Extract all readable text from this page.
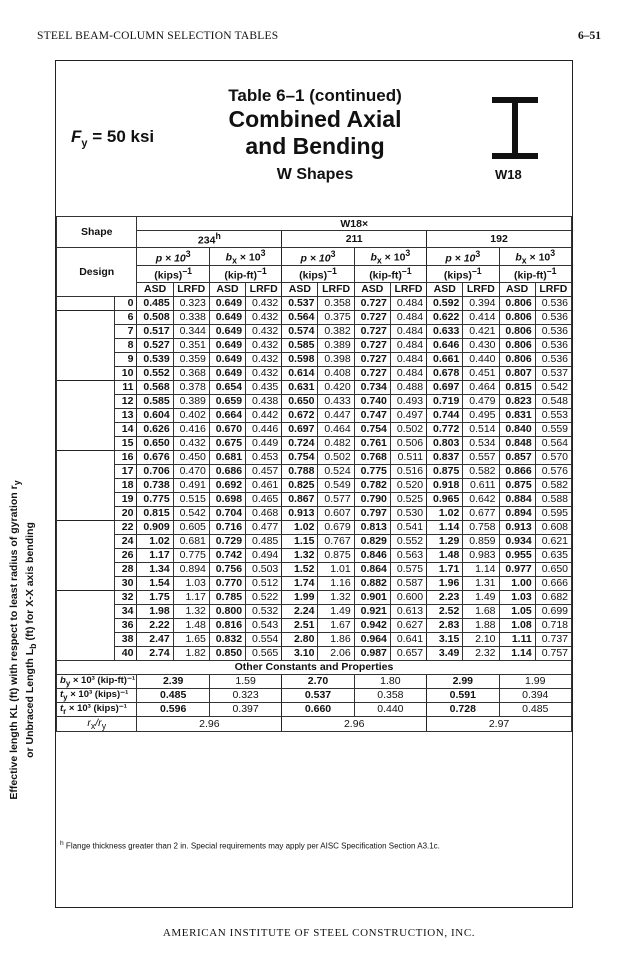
STEEL BEAM-COLUMN SELECTION TABLES	6–51
$F_y = 50$ ksi
Table 6–1 (continued)
Combined Axial
and Bending
W Shapes	W18
Shape		W18×											
		234$^h$				211				192			
Design		$p \times 10^3$		$b_x \times 10^3$		$p \times 10^3$		$b_x \times 10^3$		$p \times 10^3$		$b_x \times 10^3$
		(kips)$^{-1}$		$(kip-ft)^{-1}$		(kips)$^{-1}$		$(kip-ft)^{-1}$		(kips)$^{-1}$		$(kip-ft)^{-1}$
		ASD	LRFD	ASD	LRFD	ASD	LRFD	ASD	LRFD	ASD	LRFD	ASD	LRFD
	0	0.485	0.323	0.649	0.432	0.537	0.358	0.727	0.484	0.592	0.394	0.806	0.536
	6	0.508	0.338	0.649	0.432	0.564	0.375	0.727	0.484	0.622	0.414	0.806	0.536
	7	0.517	0.344	0.649	0.432	0.574	0.382	0.727	0.484	0.633	0.421	0.806	0.536
	8	0.527	0.351	0.649	0.432	0.585	0.389	0.727	0.484	0.646	0.430	0.806	0.536
	9	0.539	0.359	0.649	0.432	0.598	0.398	0.727	0.484	0.661	0.440	0.806	0.536
	10	0.552	0.368	0.649	0.432	0.614	0.408	0.727	0.484	0.678	0.451	0.807	0.537
	11	0.568	0.378	0.654	0.435	0.631	0.420	0.734	0.488	0.697	0.464	0.815	0.542
	12	0.585	0.389	0.659	0.438	0.650	0.433	0.740	0.493	0.719	0.479	0.823	0.548
	13	0.604	0.402	0.664	0.442	0.672	0.447	0.747	0.497	0.744	0.495	0.831	0.553
	14	0.626	0.416	0.670	0.446	0.697	0.464	0.754	0.502	0.772	0.514	0.840	0.559
	15	0.650	0.432	0.675	0.449	0.724	0.482	0.761	0.506	0.803	0.534	0.848	0.564
	16	0.676	0.450	0.681	0.453	0.754	0.502	0.768	0.511	0.837	0.557	0.857	0.570
	17	0.706	0.470	0.686	0.457	0.788	0.524	0.775	0.516	0.875	0.582	0.866	0.576
	18	0.738	0.491	0.692	0.461	0.825	0.549	0.782	0.520	0.918	0.611	0.875	0.582
	19	0.775	0.515	0.698	0.465	0.867	0.577	0.790	0.525	0.965	0.642	0.884	0.588
	20	0.815	0.542	0.704	0.468	0.913	0.607	0.797	0.530	1.02	0.677	0.894	0.595
	22	0.909	0.605	0.716	0.477	1.02	0.679	0.813	0.541	1.14	0.758	0.913	0.608
	24	1.02	0.681	0.729	0.485	1.15	0.767	0.829	0.552	1.29	0.859	0.934	0.621
	26	1.17	0.775	0.742	0.494	1.32	0.875	0.846	0.563	1.48	0.983	0.955	0.635
	28	1.34	0.894	0.756	0.503	1.52	1.01	0.864	0.575	1.71	1.14	0.977	0.650
	30	1.54	1.03	0.770	0.512	1.74	1.16	0.882	0.587	1.96	1.31	1.00	0.666
	32	1.75	1.17	0.785	0.522	1.99	1.32	0.901	0.600	2.23	1.49	1.03	0.682
	34	1.98	1.32	0.800	0.532	2.24	1.49	0.921	0.613	2.52	1.68	1.05	0.699
	36	2.22	1.48	0.816	0.543	2.51	1.67	0.942	0.627	2.83	1.88	1.08	0.718
	38	2.47	1.65	0.832	0.554	2.80	1.86	0.964	0.641	3.15	2.10	1.11	0.737
	40	2.74	1.82	0.850	0.565	3.10	2.06	0.987	0.657	3.49	2.32	1.14	0.757
Other Constants and Properties													
$b_y \times 10^3$ (kip-ft)⁻¹		2.39		1.59		2.70		1.80		2.99		1.99	
$t_y \times 10^3$ (kips)⁻¹		0.485		0.323		0.537		0.358		0.591		0.394	
$t_r \times 10^3$ (kips)⁻¹		0.596		0.397		0.660		0.440		0.728		0.485	
$r_x/r_y$		2.96				2.96				2.97			
Effective length KL (ft) with respect to least radius of gyration $r_y$
or Unbraced Length $L_b$ (ft) for X-X axis bending
$^h$ Flange thickness greater than 2 in. Special requirements may apply per AISC Specification Section A3.1c.
AMERICAN INSTITUTE OF STEEL CONSTRUCTION, INC.
